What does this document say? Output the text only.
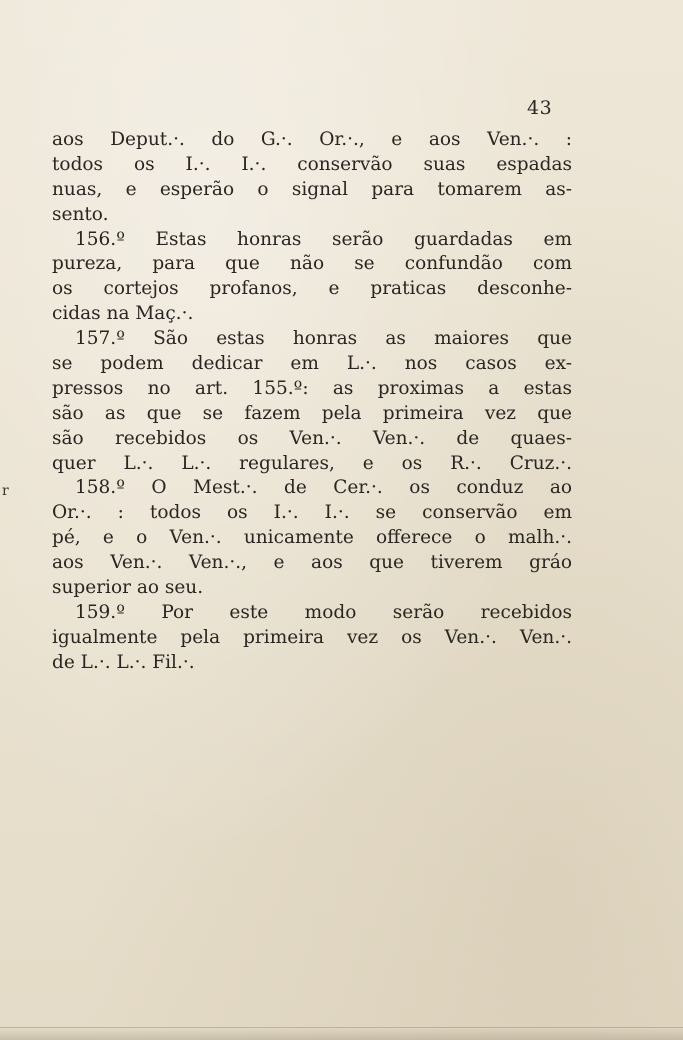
43
r
aos Deput.·. do G.·. Or.·., e aos Ven.·. :
todos os I.·. I.·. conservão suas espadas
nuas, e esperão o signal para tomarem as-
sento.
156.º Estas honras serão guardadas em
pureza, para que não se confundão com
os cortejos profanos, e praticas desconhe-
cidas na Maç.·.
157.º São estas honras as maiores que
se podem dedicar em L.·. nos casos ex-
pressos no art. 155.º: as proximas a estas
são as que se fazem pela primeira vez que
são recebidos os Ven.·. Ven.·. de quaes-
quer L.·. L.·. regulares, e os R.·. Cruz.·.
158.º O Mest.·. de Cer.·. os conduz ao
Or.·. : todos os I.·. I.·. se conservão em
pé, e o Ven.·. unicamente offerece o malh.·.
aos Ven.·. Ven.·., e aos que tiverem gráo
superior ao seu.
159.º Por este modo serão recebidos
igualmente pela primeira vez os Ven.·. Ven.·.
de L.·. L.·. Fil.·.
